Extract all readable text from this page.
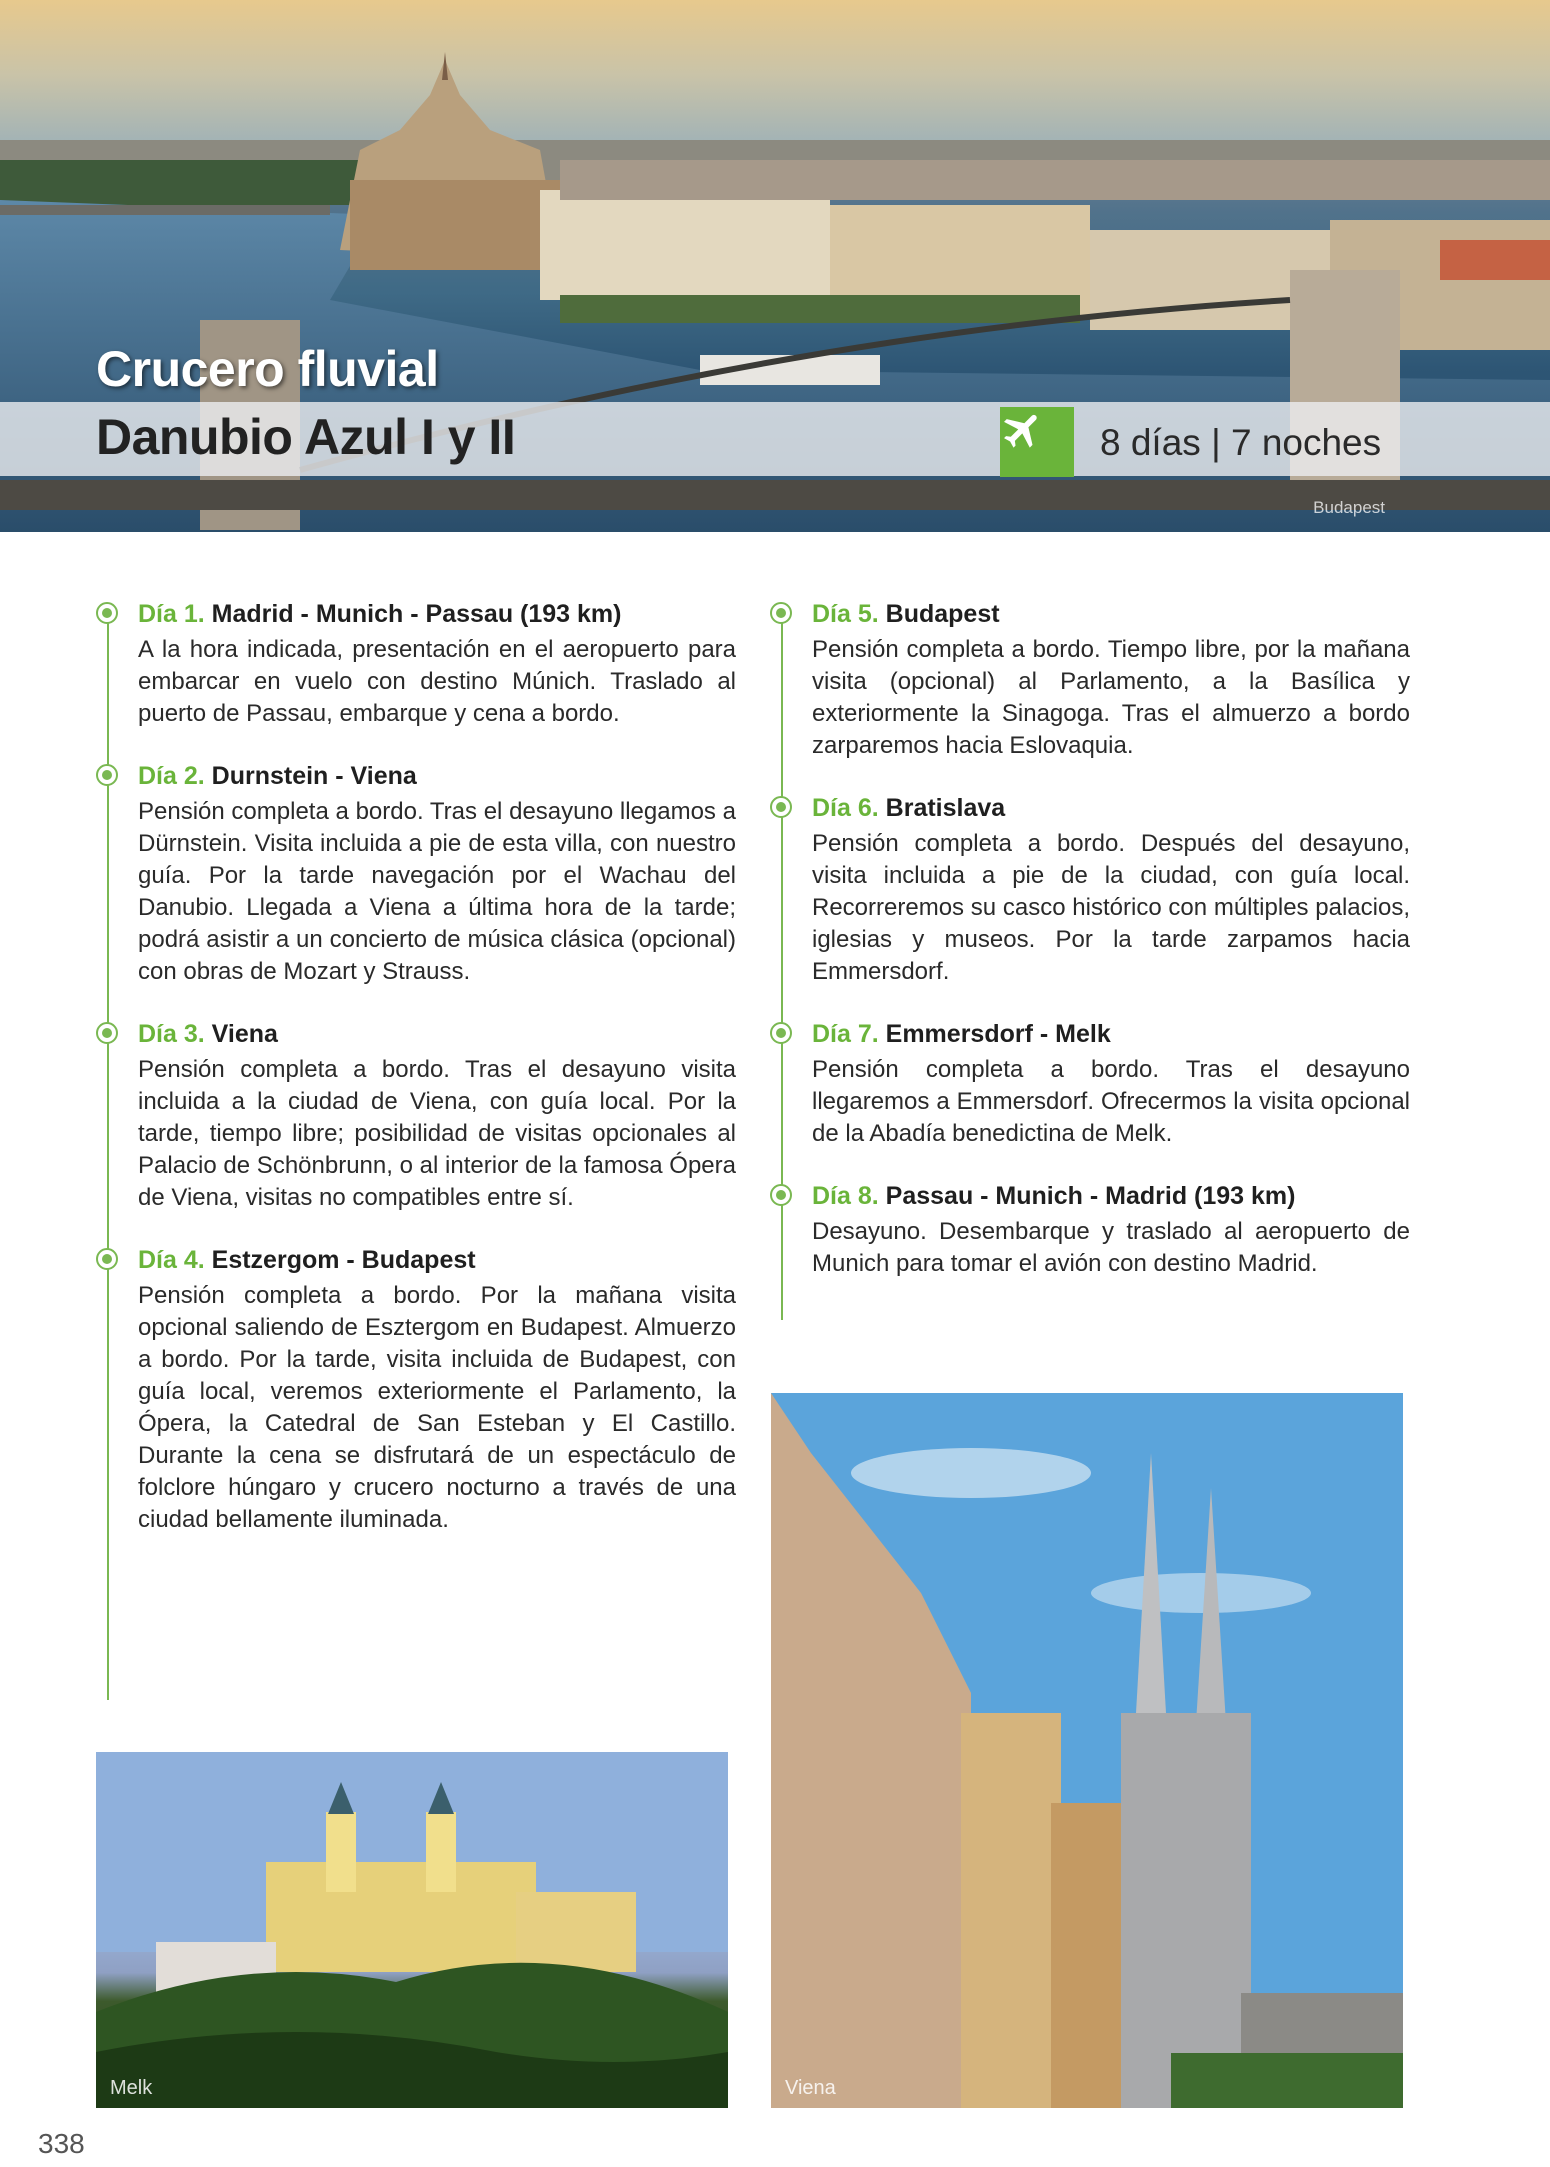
Crucero fluvial
Danubio Azul I y II	8 días | 7 noches
Budapest
Día 1. Madrid - Munich - Passau (193 km)
A la hora indicada, presentación en el aeropuerto para embarcar en vuelo con destino Múnich. Traslado al puerto de Passau, embarque y cena a bordo.
Día 2. Durnstein - Viena
Pensión completa a bordo. Tras el desayuno llegamos a Dürnstein. Visita incluida a pie de esta villa, con nuestro guía. Por la tarde navegación por el Wachau del Danubio. Llegada a Viena a última hora de la tarde; podrá asistir a un concierto de música clásica (opcional) con obras de Mozart y Strauss.
Día 3. Viena
Pensión completa a bordo. Tras el desayuno visita incluida a la ciudad de Viena, con guía local. Por la tarde, tiempo libre; posibilidad de visitas opcionales al Palacio de Schönbrunn, o al interior de la famosa Ópera de Viena, visitas no compatibles entre sí.
Día 4. Estzergom - Budapest
Pensión completa a bordo. Por la mañana visita opcional saliendo de Esztergom en Budapest. Almuerzo a bordo. Por la tarde, visita incluida de Budapest, con guía local, veremos exteriormente el Parlamento, la Ópera, la Catedral de San Esteban y El Castillo. Durante la cena se disfrutará de un espectáculo de folclore húngaro y crucero nocturno a través de una ciudad bellamente iluminada.
Día 5. Budapest
Pensión completa a bordo. Tiempo libre, por la mañana visita (opcional) al Parlamento, a la Basílica y exteriormente la Sinagoga. Tras el almuerzo a bordo zarparemos hacia Eslovaquia.
Día 6. Bratislava
Pensión completa a bordo. Después del desayuno, visita incluida a pie de la ciudad, con guía local. Recorreremos su casco histórico con múltiples palacios, iglesias y museos. Por la tarde zarpamos hacia Emmersdorf.
Día 7. Emmersdorf - Melk
Pensión completa a bordo. Tras el desayuno llegaremos a Emmersdorf. Ofrecermos la visita opcional de la Abadía benedictina de Melk.
Día 8. Passau - Munich - Madrid (193 km)
Desayuno. Desembarque y traslado al aeropuerto de Munich para tomar el avión con destino Madrid.
Melk	Viena
338
